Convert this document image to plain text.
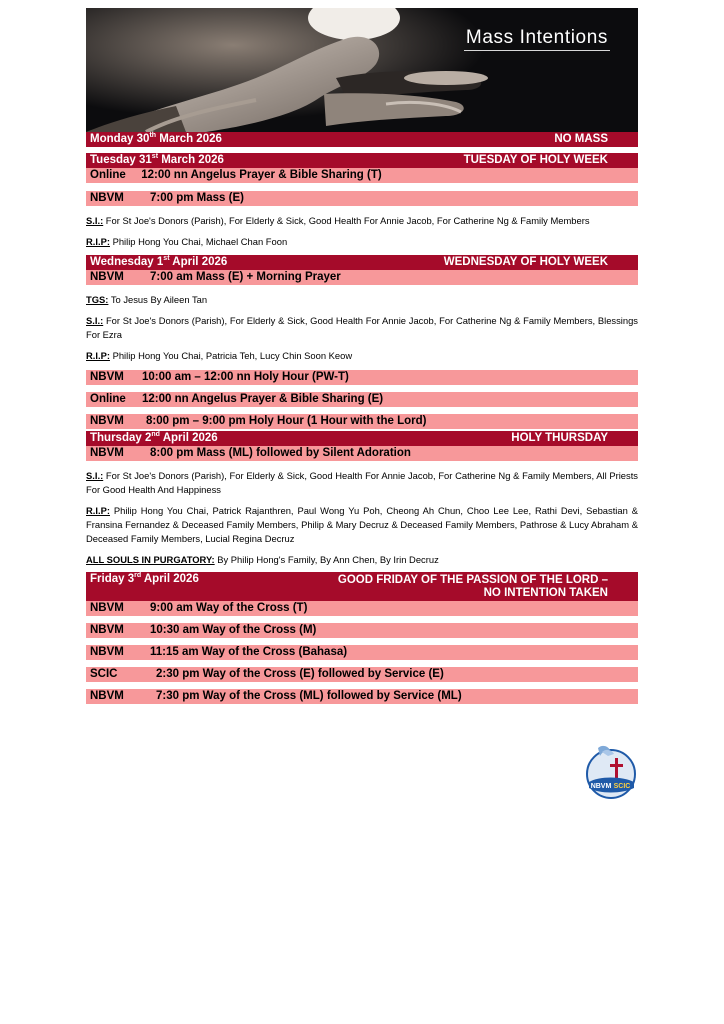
Mass Intentions
Monday 30th March 2026	NO MASS
Tuesday 31st March 2026	TUESDAY OF HOLY WEEK
Online 12:00 nn Angelus Prayer & Bible Sharing (T)
NBVM 7:00 pm Mass (E)

S.I.: For St Joe's Donors (Parish), For Elderly & Sick, Good Health For Annie Jacob, For Catherine Ng & Family Members

R.I.P: Philip Hong You Chai, Michael Chan Foon

Wednesday 1st April 2026	WEDNESDAY OF HOLY WEEK
NBVM 7:00 am Mass (E) + Morning Prayer

TGS: To Jesus By Aileen Tan

S.I.: For St Joe's Donors (Parish), For Elderly & Sick, Good Health For Annie Jacob, For Catherine Ng & Family Members, Blessings For Ezra

R.I.P: Philip Hong You Chai, Patricia Teh, Lucy Chin Soon Keow

NBVM 10:00 am – 12:00 nn Holy Hour (PW-T)
Online 12:00 nn Angelus Prayer & Bible Sharing (E)
NBVM 8:00 pm – 9:00 pm Holy Hour (1 Hour with the Lord)
Thursday 2nd April 2026	HOLY THURSDAY
NBVM 8:00 pm Mass (ML) followed by Silent Adoration

S.I.: For St Joe's Donors (Parish), For Elderly & Sick, Good Health For Annie Jacob, For Catherine Ng & Family Members, All Priests For Good Health And Happiness

R.I.P: Philip Hong You Chai, Patrick Rajanthren, Paul Wong Yu Poh, Cheong Ah Chun, Choo Lee Lee, Rathi Devi, Sebastian & Fransina Fernandez & Deceased Family Members, Philip & Mary Decruz & Deceased Family Members, Pathrose & Lucy Abraham & Deceased Family Members, Lucial Regina Decruz

ALL SOULS IN PURGATORY: By Philip Hong's Family, By Ann Chen, By Irin Decruz

Friday 3rd April 2026	GOOD FRIDAY OF THE PASSION OF THE LORD –
NO INTENTION TAKEN
NBVM 9:00 am Way of the Cross (T)
NBVM 10:30 am Way of the Cross (M)
NBVM 11:15 am Way of the Cross (Bahasa)
SCIC	2:30 pm Way of the Cross (E) followed by Service (E)
NBVM	7:30 pm Way of the Cross (ML) followed by Service (ML)
NBVM SCIC
